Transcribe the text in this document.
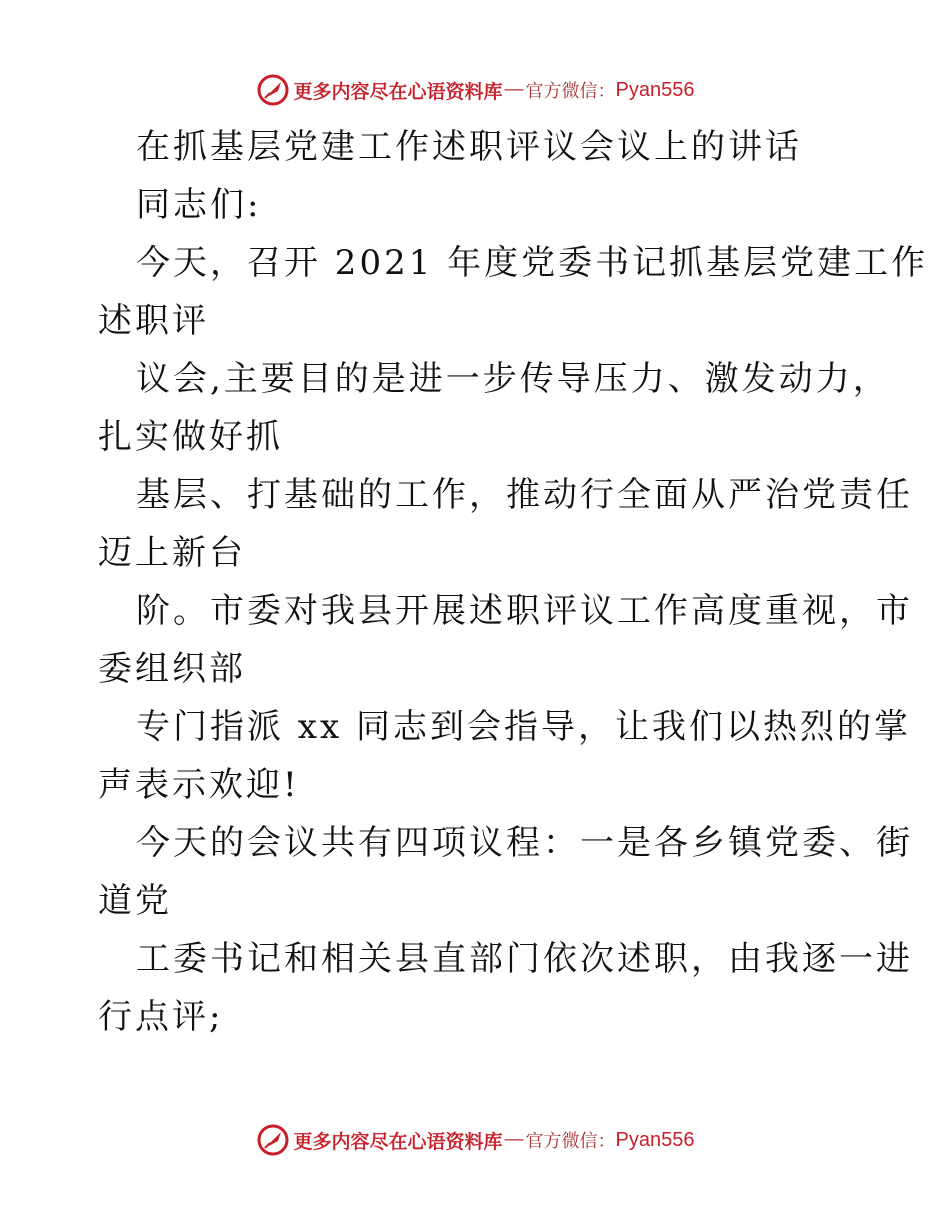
更多内容尽在心语资料库 — 官方微信： Pyan556
在抓基层党建工作述职评议会议上的讲话
同志们:
今天，召开 2021 年度党委书记抓基层党建工作
述职评
议会,主要目的是进一步传导压力、激发动力，
扎实做好抓
基层、打基础的工作，推动行全面从严治党责任
迈上新台
阶。市委对我县开展述职评议工作高度重视，市
委组织部
专门指派 xx 同志到会指导，让我们以热烈的掌
声表示欢迎!
今天的会议共有四项议程：一是各乡镇党委、街
道党
工委书记和相关县直部门依次述职，由我逐一进
行点评;
更多内容尽在心语资料库 — 官方微信： Pyan556
